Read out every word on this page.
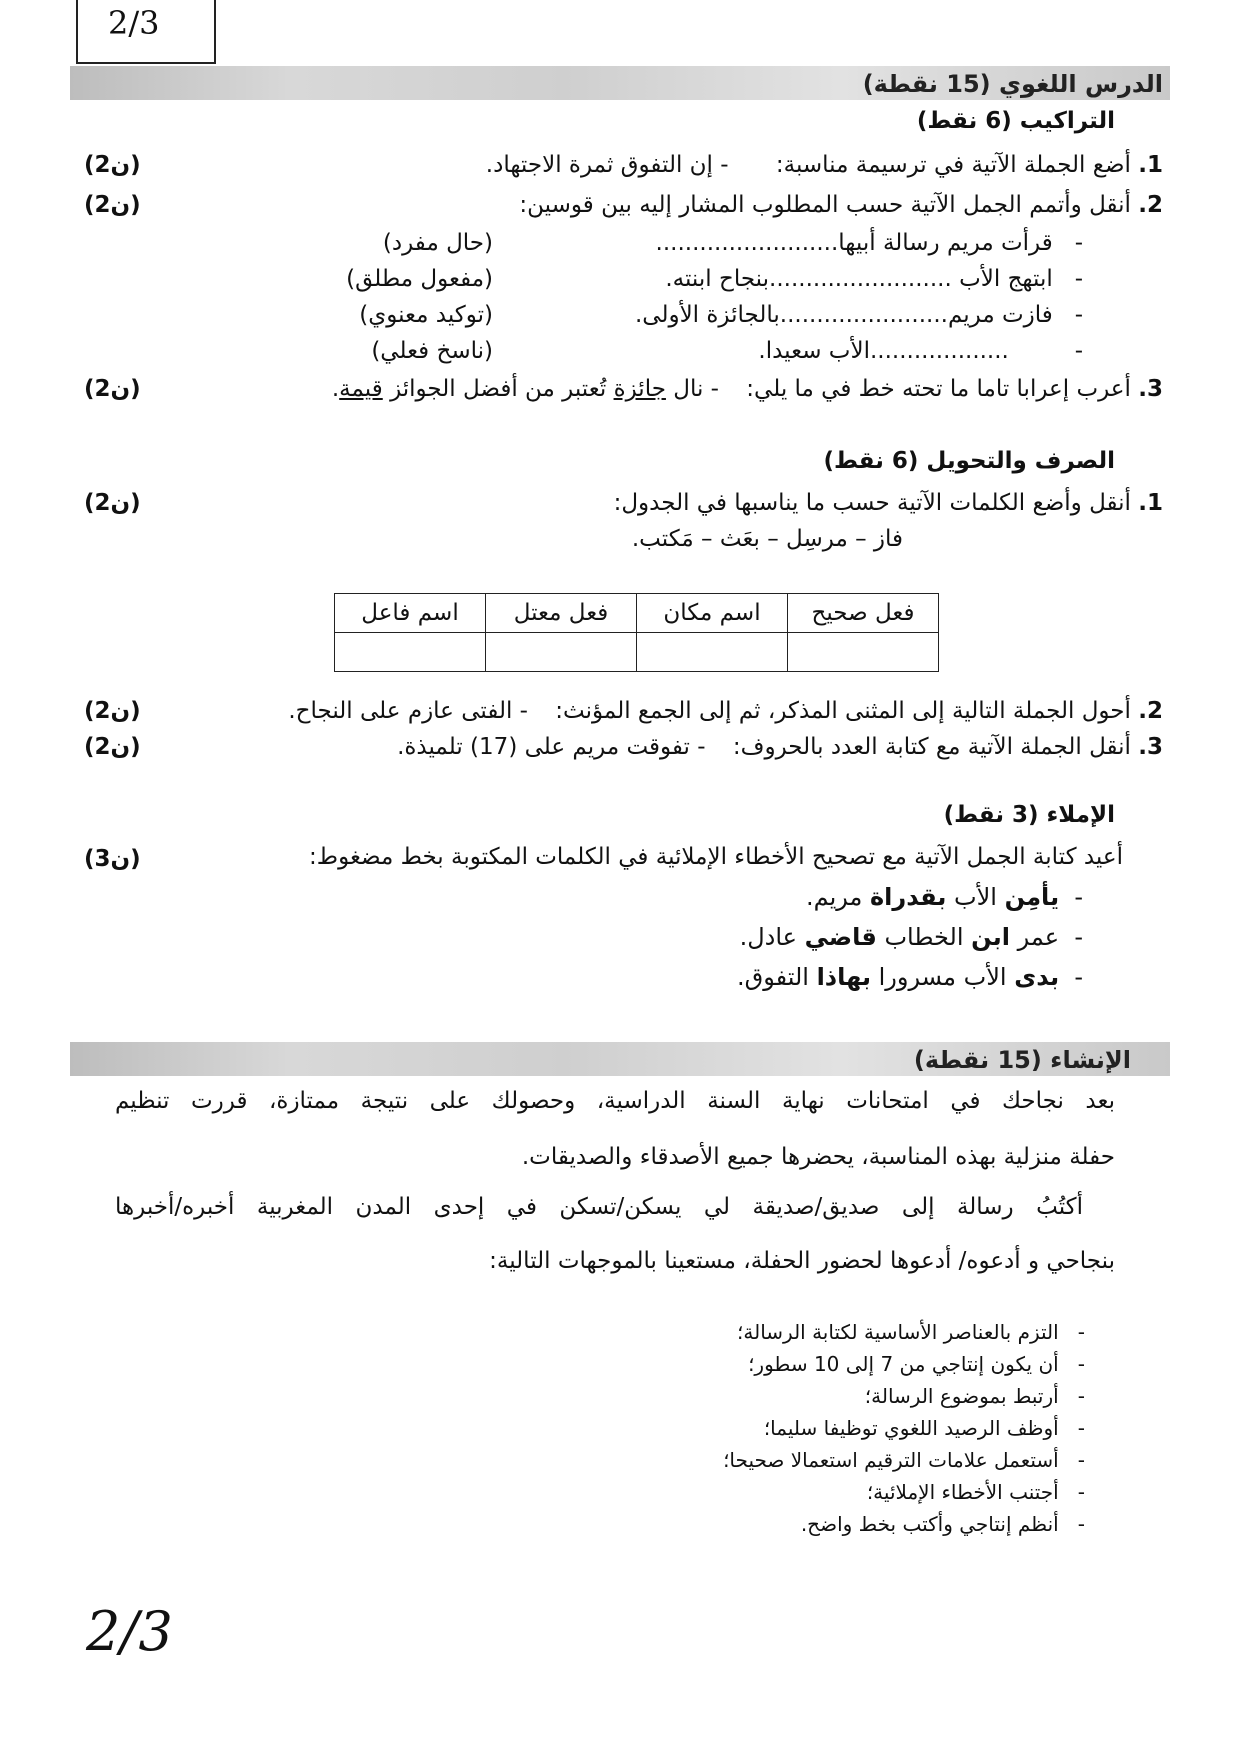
2/3
الدرس اللغوي (15 نقطة)
التراكيب (6 نقط)
1. أضع الجملة الآتية في ترسيمة مناسبة: - إن التفوق ثمرة الاجتهاد.
(2ن)
2. أنقل وأتمم الجمل الآتية حسب المطلوب المشار إليه بين قوسين:
(2ن)
-   قرأت مريم رسالة أبيها.........................
(حال مفرد)
-   ابتهج الأب .........................بنجاح ابنته.
(مفعول مطلق)
-   فازت مريم.......................بالجائزة الأولى.
(توكيد معنوي)
-         ...................الأب سعيدا.
(ناسخ فعلي)
3. أعرب إعرابا تاما ما تحته خط في ما يلي: - نال جائزة تُعتبر من أفضل الجوائز قيمة.
(2ن)
الصرف والتحويل (6 نقط)
1. أنقل وأضع الكلمات الآتية حسب ما يناسبها في الجدول:
(2ن)
فاز – مرسِل – بعَث – مَكتب.
فعل صحيح	اسم مكان	فعل معتل	اسم فاعل

2. أحول الجملة التالية إلى المثنى المذكر، ثم إلى الجمع المؤنث: - الفتى عازم على النجاح.
(2ن)
3. أنقل الجملة الآتية مع كتابة العدد بالحروف: - تفوقت مريم على (17) تلميذة.
(2ن)
الإملاء (3 نقط)
أعيد كتابة الجمل الآتية مع تصحيح الأخطاء الإملائية في الكلمات المكتوبة بخط مضغوط:
(3ن)
-  يأمِن الأب بقدراة مريم.
-  عمر ابن الخطاب قاضي عادل.
-  بدى الأب مسرورا بهاذا التفوق.
الإنشاء (15 نقطة)
بعد نجاحك في امتحانات نهاية السنة الدراسية، وحصولك على نتيجة ممتازة، قررت تنظيم
حفلة منزلية بهذه المناسبة، يحضرها جميع الأصدقاء والصديقات.
أكتُبُ رسالة إلى صديق/صديقة لي يسكن/تسكن في إحدى المدن المغربية أخبره/أخبرها
بنجاحي و أدعوه/ أدعوها لحضور الحفلة، مستعينا بالموجهات التالية:
-   التزم بالعناصر الأساسية لكتابة الرسالة؛
-   أن يكون إنتاجي من 7 إلى 10 سطور؛
-   أرتبط بموضوع الرسالة؛
-   أوظف الرصيد اللغوي توظيفا سليما؛
-   أستعمل علامات الترقيم استعمالا صحيحا؛
-   أجتنب الأخطاء الإملائية؛
-   أنظم إنتاجي وأكتب بخط واضح.
2/3
